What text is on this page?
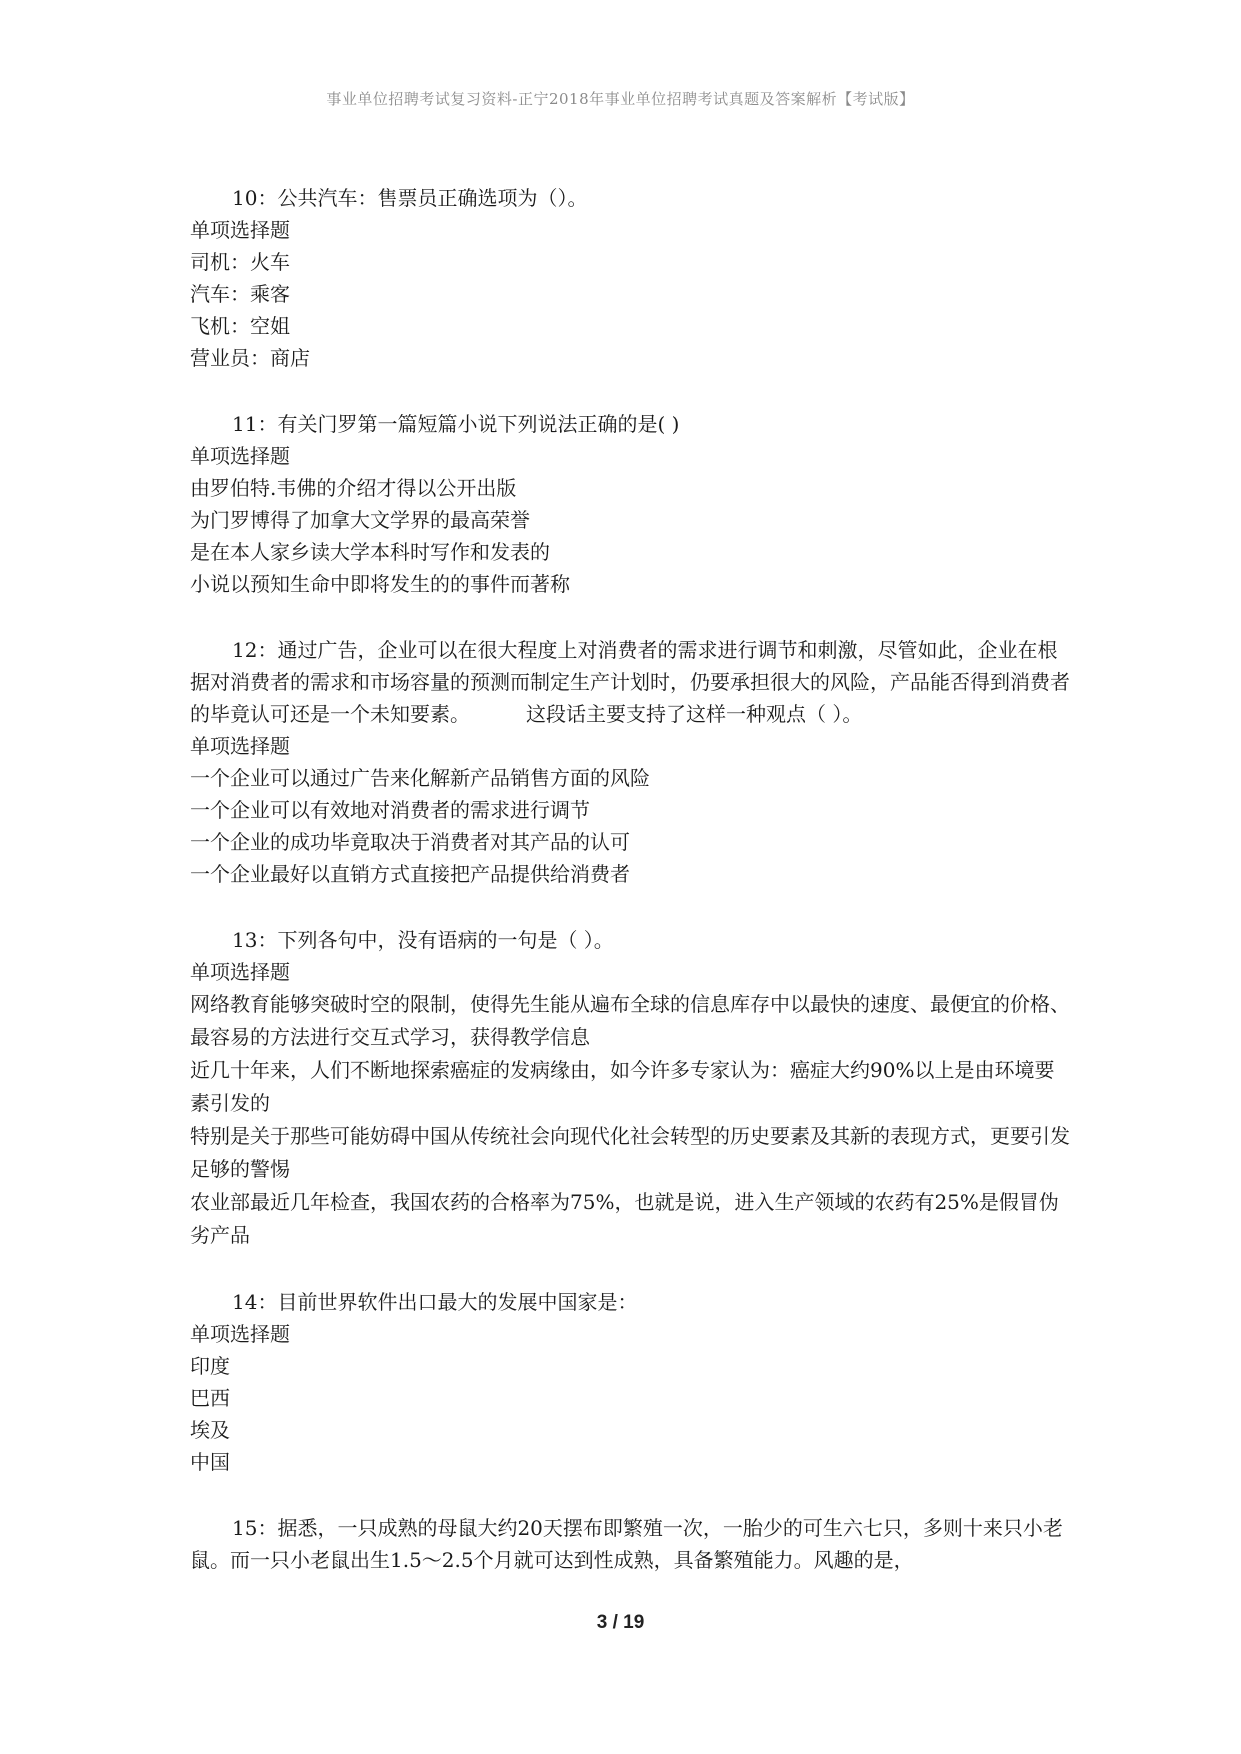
事业单位招聘考试复习资料-正宁2018年事业单位招聘考试真题及答案解析【考试版】

10：公共汽车：售票员正确选项为（）。

单项选择题

司机：火车

汽车：乘客

飞机：空姐

营业员：商店

11：有关门罗第一篇短篇小说下列说法正确的是( )

单项选择题

由罗伯特.韦佛的介绍才得以公开出版

为门罗博得了加拿大文学界的最高荣誉

是在本人家乡读大学本科时写作和发表的

小说以预知生命中即将发生的的事件而著称

12：通过广告，企业可以在很大程度上对消费者的需求进行调节和刺激，尽管如此，企业在根据对消费者的需求和市场容量的预测而制定生产计划时，仍要承担很大的风险，产品能否得到消费者的毕竟认可还是一个未知要素。	这段话主要支持了这样一种观点（ ）。

单项选择题

一个企业可以通过广告来化解新产品销售方面的风险

一个企业可以有效地对消费者的需求进行调节

一个企业的成功毕竟取决于消费者对其产品的认可

一个企业最好以直销方式直接把产品提供给消费者

13：下列各句中，没有语病的一句是（ ）。

单项选择题

网络教育能够突破时空的限制，使得先生能从遍布全球的信息库存中以最快的速度、最便宜的价格、最容易的方法进行交互式学习，获得教学信息

近几十年来，人们不断地探索癌症的发病缘由，如今许多专家认为：癌症大约90%以上是由环境要素引发的

特别是关于那些可能妨碍中国从传统社会向现代化社会转型的历史要素及其新的表现方式，更要引发足够的警惕

农业部最近几年检查，我国农药的合格率为75%，也就是说，进入生产领域的农药有25%是假冒伪劣产品

14：目前世界软件出口最大的发展中国家是：

单项选择题

印度

巴西

埃及

中国

15：据悉，一只成熟的母鼠大约20天摆布即繁殖一次，一胎少的可生六七只，多则十来只小老鼠。而一只小老鼠出生1.5～2.5个月就可达到性成熟，具备繁殖能力。风趣的是，

3 / 19
